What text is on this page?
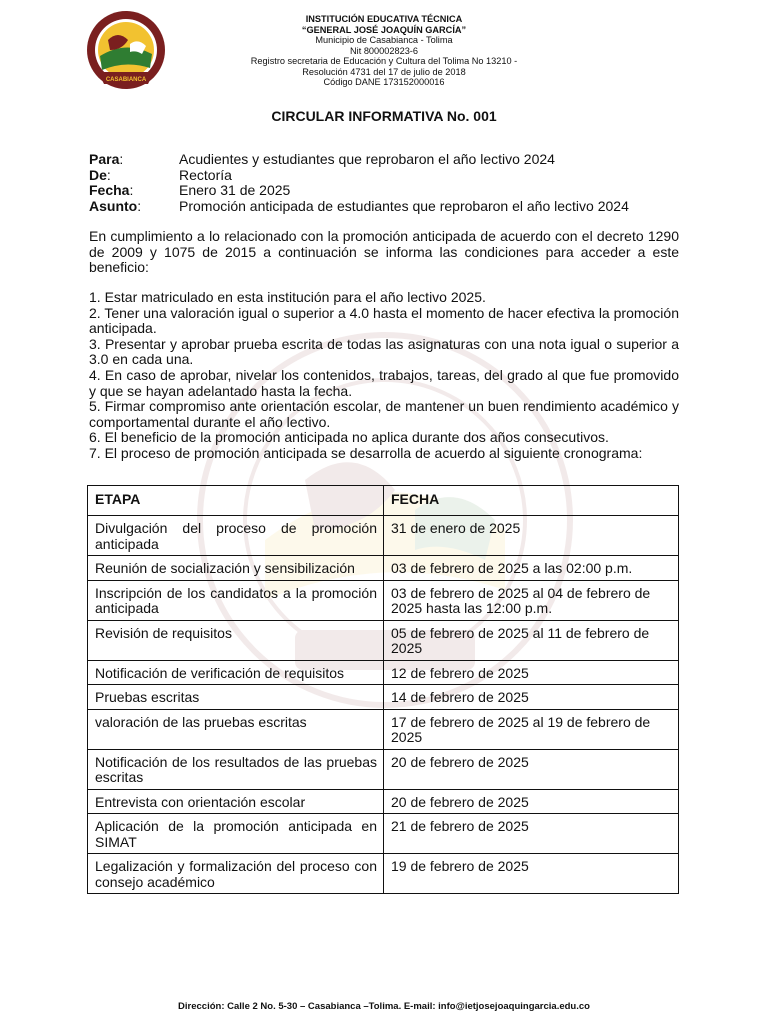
CASABIANCA
INSTITUCIÓN EDUCATIVA TÉCNICA
“GENERAL JOSÉ JOAQUÍN GARCÍA”
Municipio de Casabianca - Tolima
Nit 800002823-6
Registro secretaria de Educación y Cultura del Tolima No 13210 -
Resolución 4731 del 17 de julio de 2018
Código DANE 173152000016
CIRCULAR INFORMATIVA No. 001
Para:	Acudientes y estudiantes que reprobaron el año lectivo 2024
De:	Rectoría
Fecha:	Enero 31 de 2025
Asunto:	Promoción anticipada de estudiantes que reprobaron el año lectivo 2024
En cumplimiento a lo relacionado con la promoción anticipada de acuerdo con el decreto 1290 de 2009 y 1075 de 2015 a continuación se informa las condiciones para acceder a este beneficio:

1. Estar matriculado en esta institución para el año lectivo 2025.

2. Tener una valoración igual o superior a 4.0 hasta el momento de hacer efectiva la promoción anticipada.

3. Presentar y aprobar prueba escrita de todas las asignaturas con una nota igual o superior a 3.0 en cada una.

4. En caso de aprobar, nivelar los contenidos, trabajos, tareas, del grado al que fue promovido y que se hayan adelantado hasta la fecha.

5. Firmar compromiso ante orientación escolar, de mantener un buen rendimiento académico y comportamental durante el año lectivo.

6. El beneficio de la promoción anticipada no aplica durante dos años consecutivos.

7. El proceso de promoción anticipada se desarrolla de acuerdo al siguiente cronograma:

ETAPA	FECHA
Divulgación del proceso de promoción anticipada	31 de enero de 2025
Reunión de socialización y sensibilización	03 de febrero de 2025 a las 02:00 p.m.
Inscripción de los candidatos a la promoción anticipada	03 de febrero de 2025 al 04 de febrero de 2025 hasta las 12:00 p.m.
Revisión de requisitos	05 de febrero de 2025 al 11 de febrero de 2025
Notificación de verificación de requisitos	12 de febrero de 2025
Pruebas escritas	14 de febrero de 2025
valoración de las pruebas escritas	17 de febrero de 2025 al 19 de febrero de 2025
Notificación de los resultados de las pruebas escritas	20 de febrero de 2025
Entrevista con orientación escolar	20 de febrero de 2025
Aplicación de la promoción anticipada en SIMAT	21 de febrero de 2025
Legalización y formalización del proceso con consejo académico	19 de febrero de 2025
Dirección: Calle 2 No. 5-30 – Casabianca –Tolima. E-mail: info@ietjosejoaquingarcia.edu.co
